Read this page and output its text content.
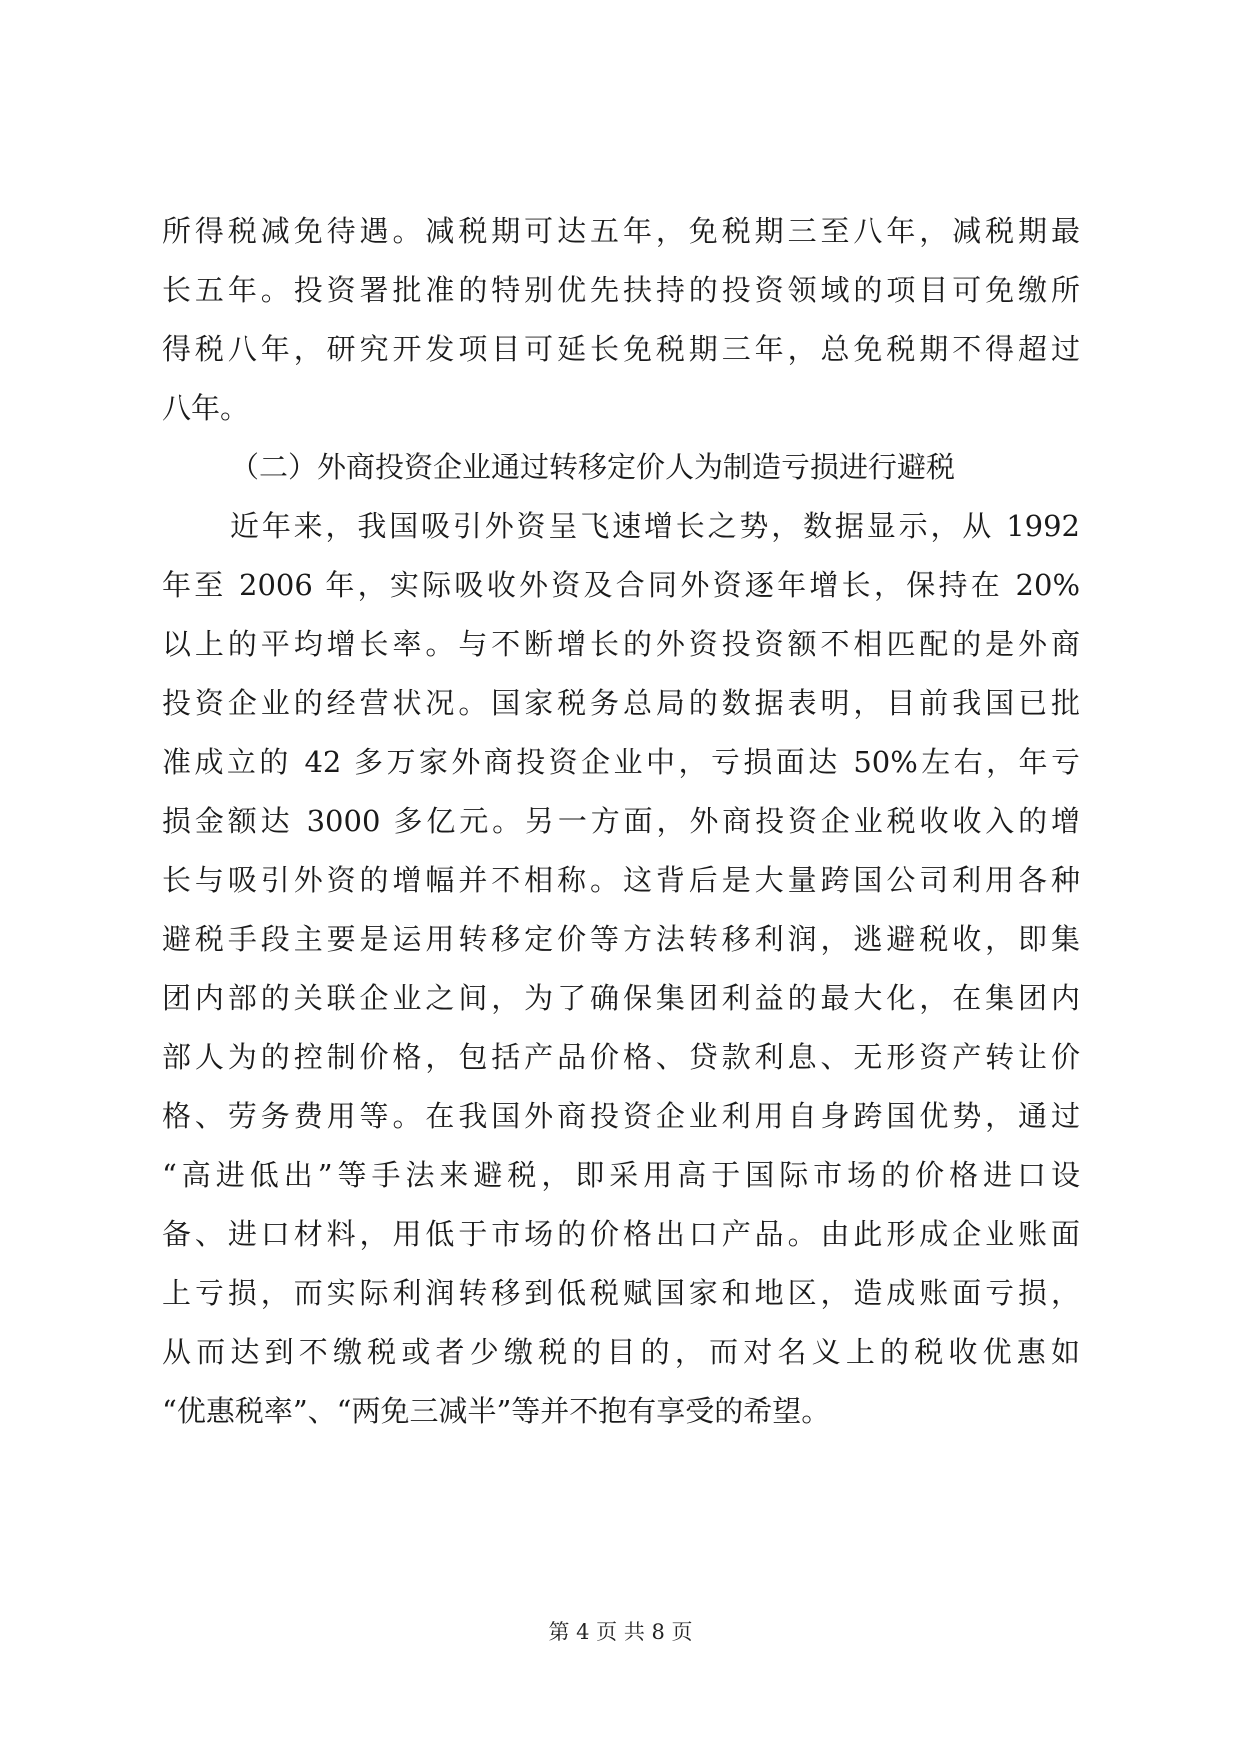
所得税减免待遇。减税期可达五年，免税期三至八年，减税期最
长五年。投资署批准的特别优先扶持的投资领域的项目可免缴所
得税八年，研究开发项目可延长免税期三年，总免税期不得超过
八年。
（二）外商投资企业通过转移定价人为制造亏损进行避税
近年来，我国吸引外资呈飞速增长之势，数据显示，从 1992
年至 2006 年，实际吸收外资及合同外资逐年增长，保持在 20%
以上的平均增长率。与不断增长的外资投资额不相匹配的是外商
投资企业的经营状况。国家税务总局的数据表明，目前我国已批
准成立的 42 多万家外商投资企业中，亏损面达 50%左右，年亏
损金额达 3000 多亿元。另一方面，外商投资企业税收收入的增
长与吸引外资的增幅并不相称。这背后是大量跨国公司利用各种
避税手段主要是运用转移定价等方法转移利润，逃避税收，即集
团内部的关联企业之间，为了确保集团利益的最大化，在集团内
部人为的控制价格，包括产品价格、贷款利息、无形资产转让价
格、劳务费用等。在我国外商投资企业利用自身跨国优势，通过
“高进低出”等手法来避税，即采用高于国际市场的价格进口设
备、进口材料，用低于市场的价格出口产品。由此形成企业账面
上亏损，而实际利润转移到低税赋国家和地区，造成账面亏损，
从而达到不缴税或者少缴税的目的，而对名义上的税收优惠如
“优惠税率”、“两免三减半”等并不抱有享受的希望。
第 4 页 共 8 页
